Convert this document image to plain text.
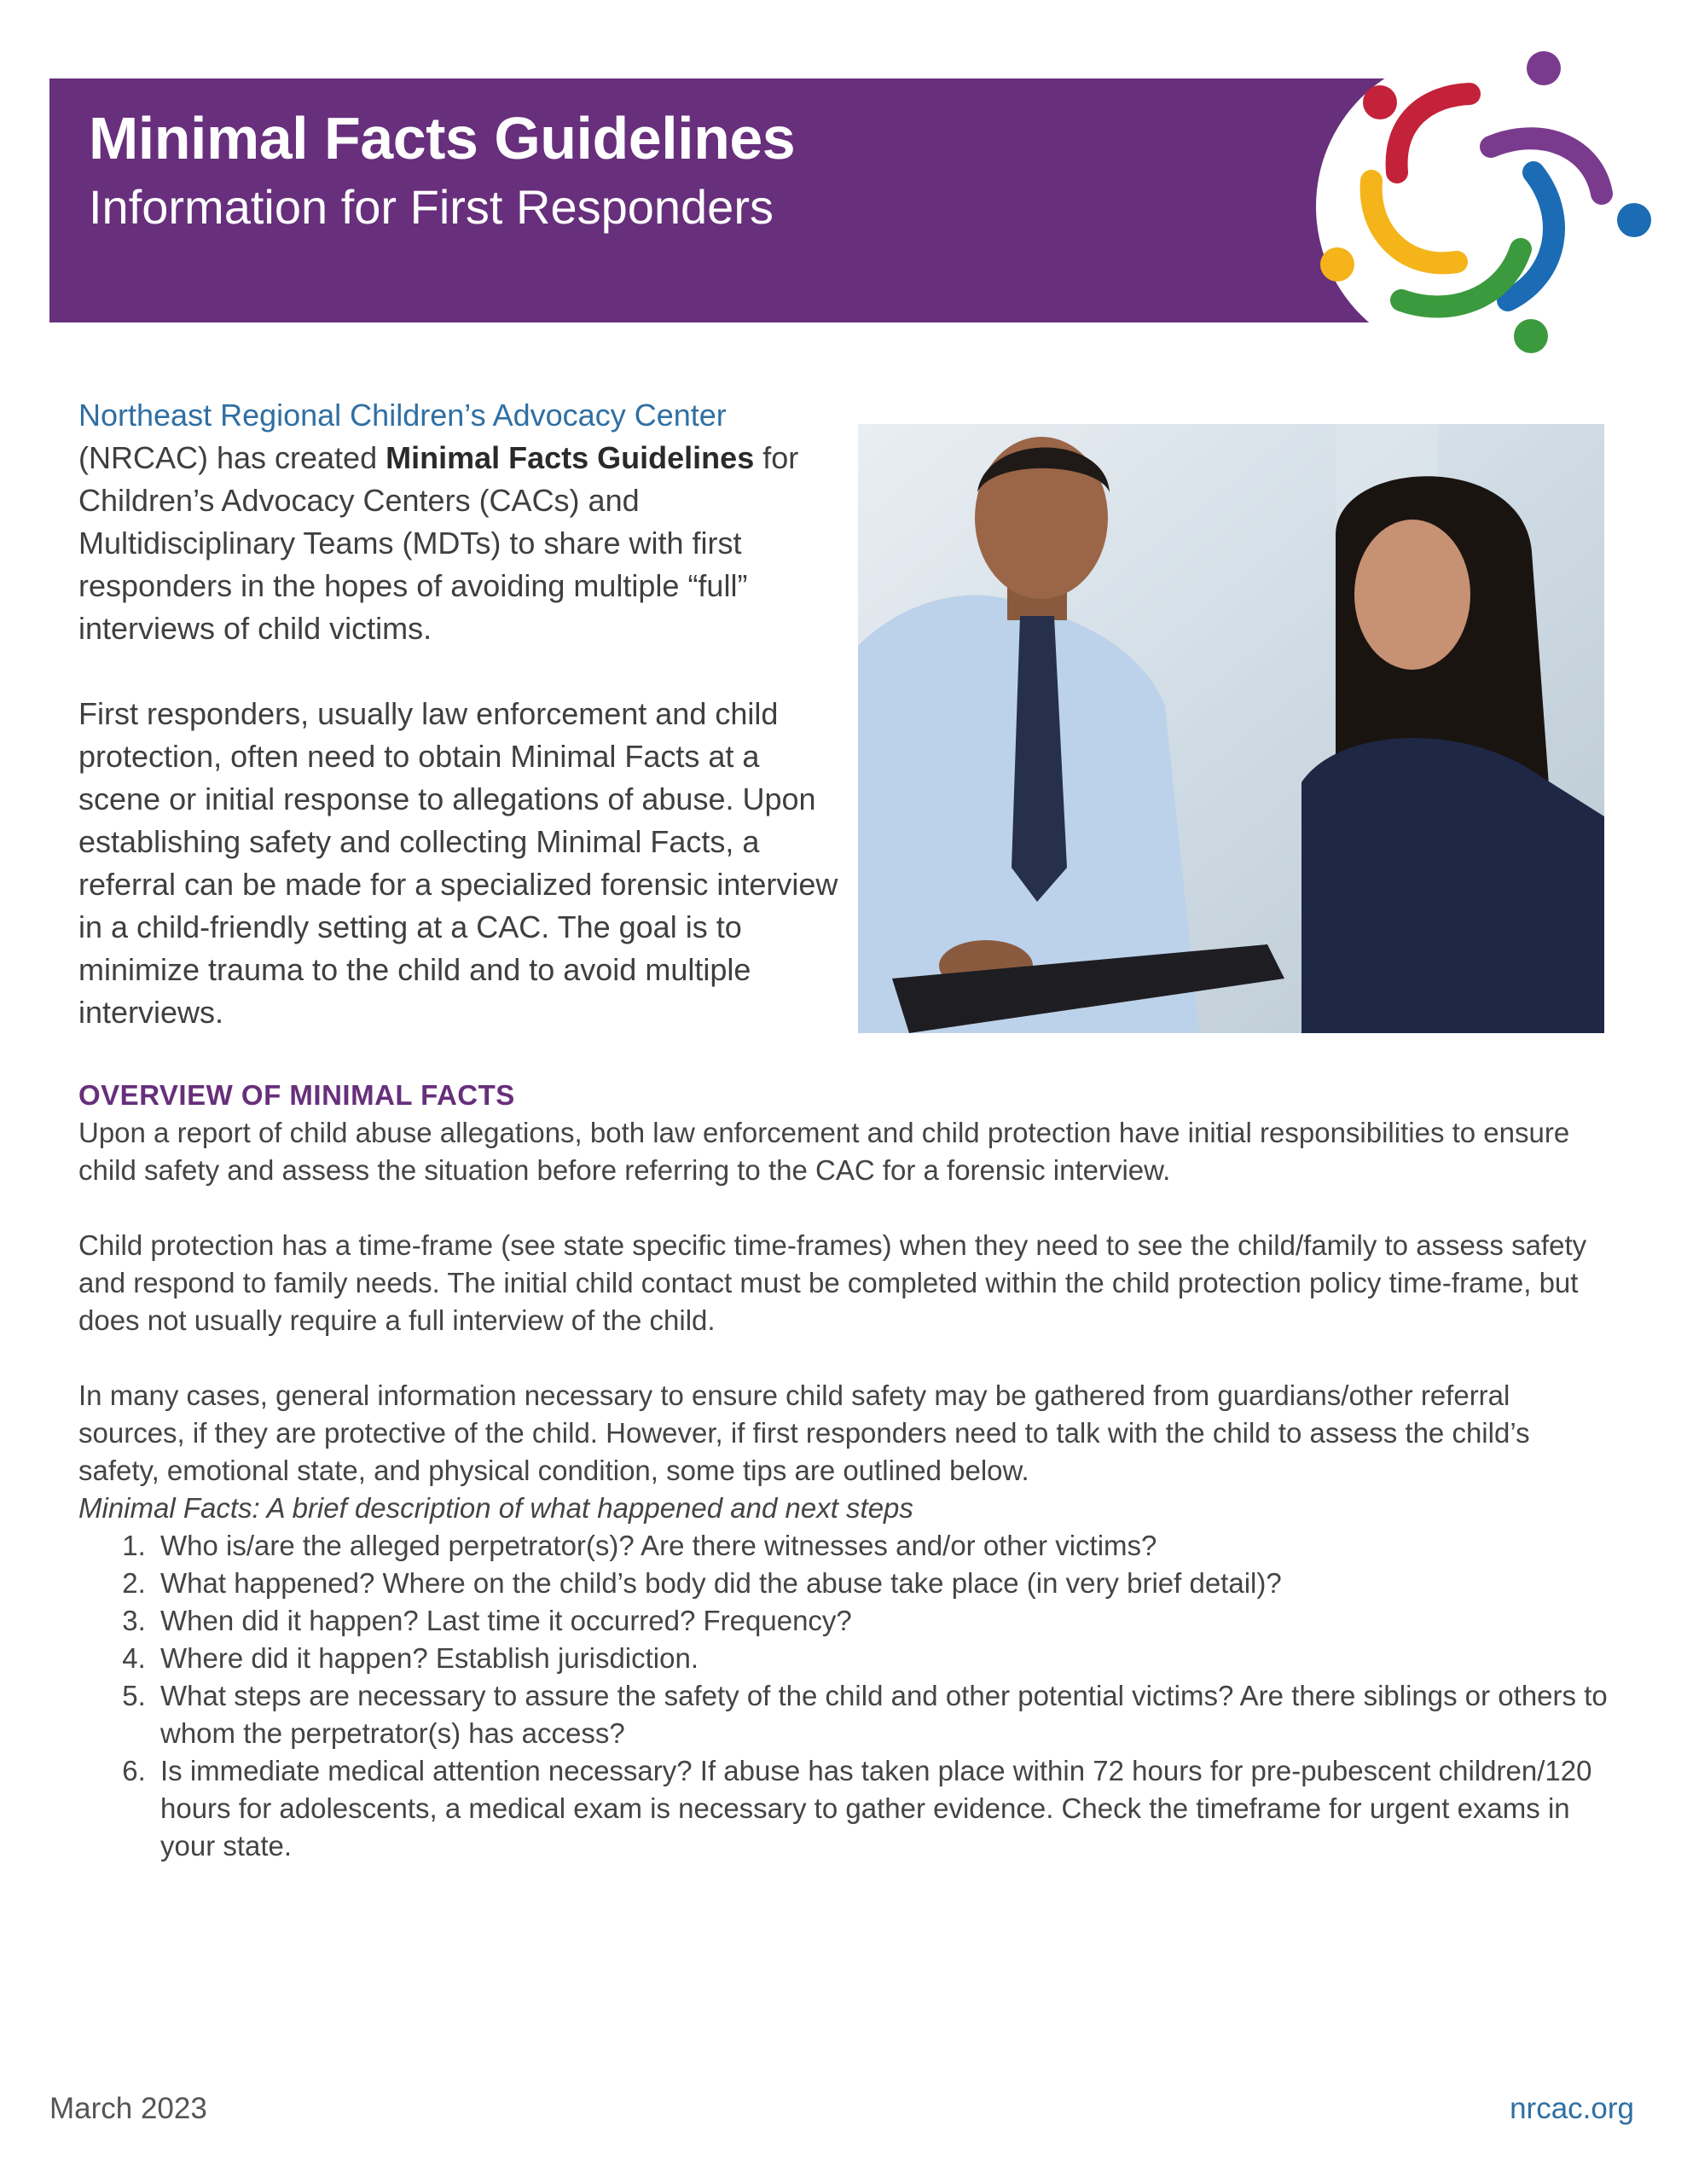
Minimal Facts Guidelines
Information for First Responders

Northeast Regional Children’s Advocacy Center
(NRCAC) has created Minimal Facts Guidelines for Children’s Advocacy Centers (CACs) and Multidisciplinary Teams (MDTs) to share with first responders in the hopes of avoiding multiple “full” interviews of child victims.

First responders, usually law enforcement and child protection, often need to obtain Minimal Facts at a scene or initial response to allegations of abuse. Upon establishing safety and collecting Minimal Facts, a referral can be made for a specialized forensic interview in a child-friendly setting at a CAC. The goal is to minimize trauma to the child and to avoid multiple interviews.

OVERVIEW OF MINIMAL FACTS

Upon a report of child abuse allegations, both law enforcement and child protection have initial responsibilities to ensure child safety and assess the situation before referring to the CAC for a forensic interview.

Child protection has a time-frame (see state specific time-frames) when they need to see the child/family to assess safety and respond to family needs. The initial child contact must be completed within the child protection policy time-frame, but does not usually require a full interview of the child.

In many cases, general information necessary to ensure child safety may be gathered from guardians/other referral sources, if they are protective of the child. However, if first responders need to talk with the child to assess the child’s safety, emotional state, and physical condition, some tips are outlined below.

Minimal Facts: A brief description of what happened and next steps

1. Who is/are the alleged perpetrator(s)? Are there witnesses and/or other victims?
2. What happened? Where on the child’s body did the abuse take place (in very brief detail)?
3. When did it happen? Last time it occurred? Frequency?
4. Where did it happen? Establish jurisdiction.
5. What steps are necessary to assure the safety of the child and other potential victims? Are there siblings or others to whom the perpetrator(s) has access?
6. Is immediate medical attention necessary? If abuse has taken place within 72 hours for pre-pubescent children/120 hours for adolescents, a medical exam is necessary to gather evidence. Check the timeframe for urgent exams in your state.
March 2023	nrcac.org
